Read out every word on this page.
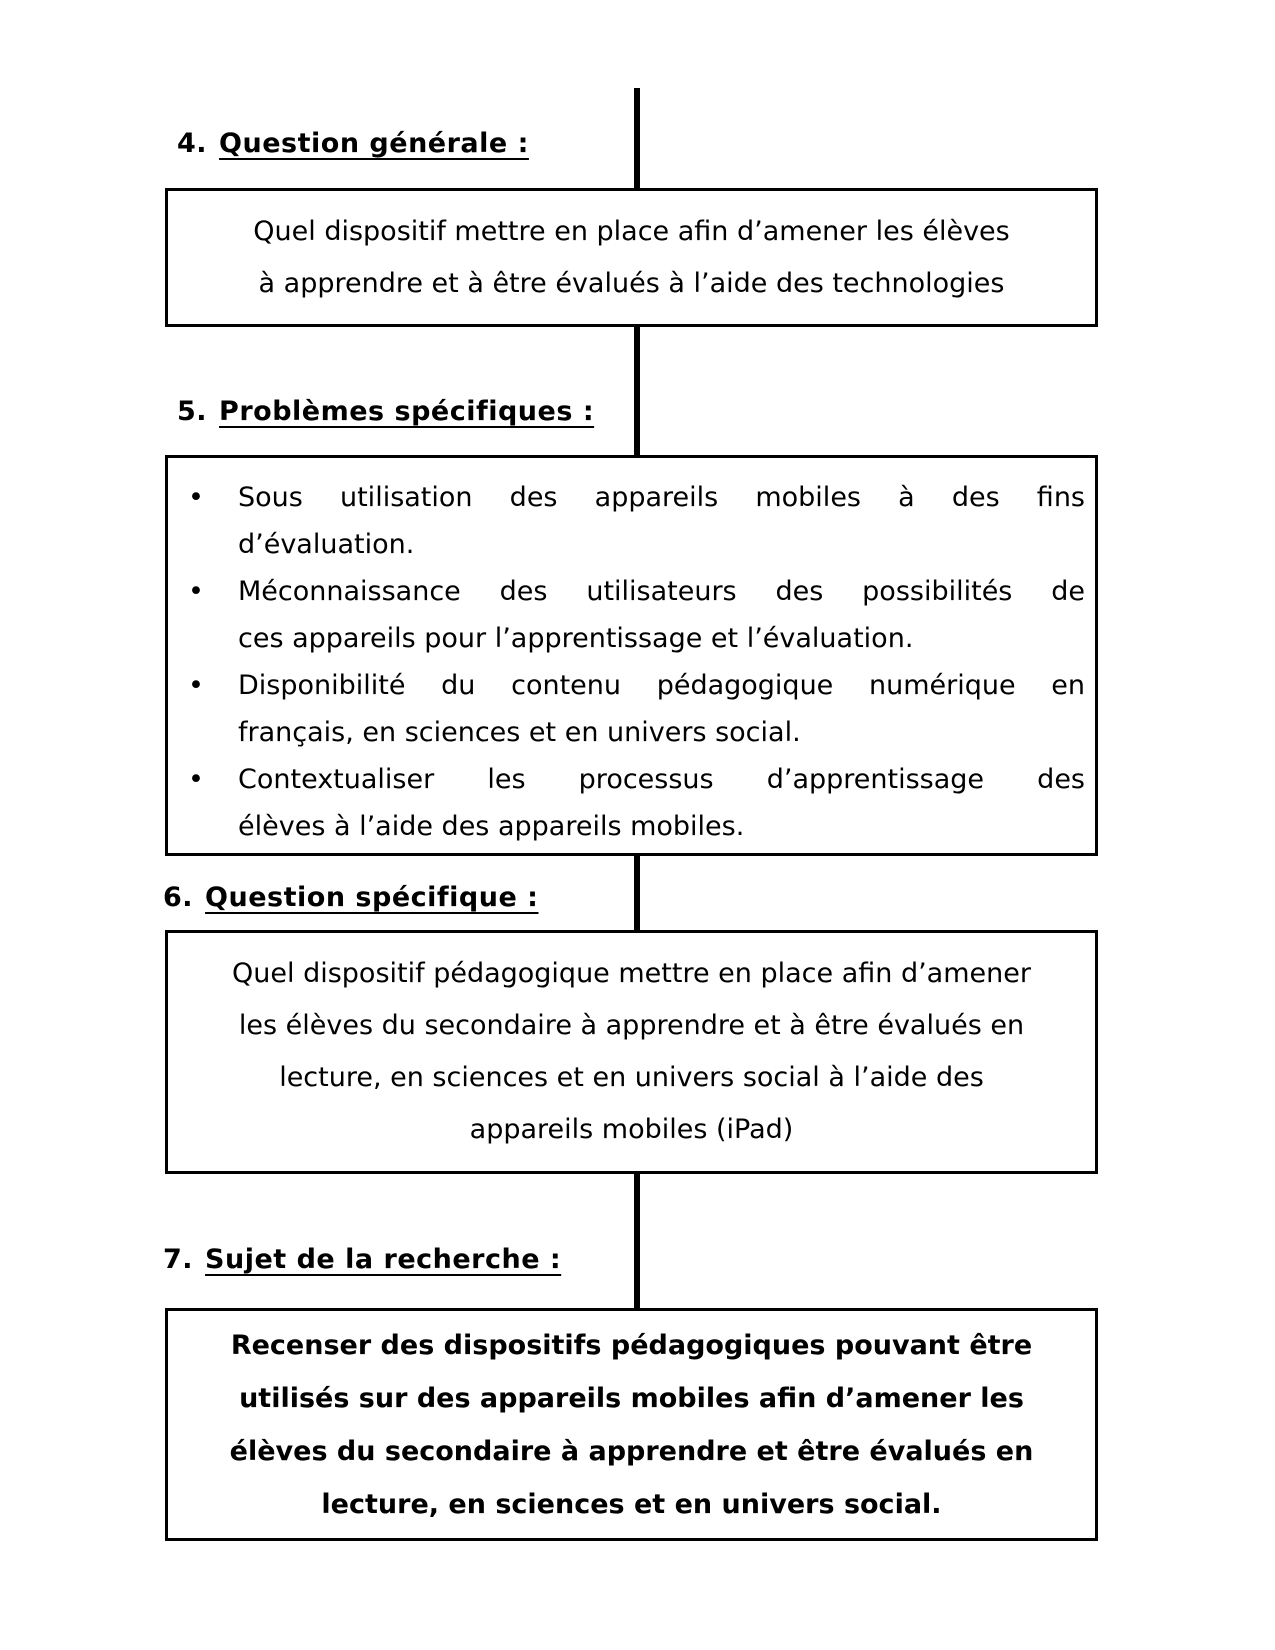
4. Question générale :
Quel dispositif mettre en place afin d’amener les élèves
à apprendre et à être évalués à l’aide des technologies
5. Problèmes spécifiques :
•	Sous utilisation des appareils mobiles à des fins
d’évaluation.
•	Méconnaissance des utilisateurs des possibilités de
ces appareils pour l’apprentissage et l’évaluation.
•	Disponibilité du contenu pédagogique numérique en
français, en sciences et en univers social.
•	Contextualiser les processus d’apprentissage des
élèves à l’aide des appareils mobiles.
6. Question spécifique :
Quel dispositif pédagogique mettre en place afin d’amener
les élèves du secondaire à apprendre et à être évalués en
lecture, en sciences et en univers social à l’aide des
appareils mobiles (iPad)
7. Sujet de la recherche :
Recenser des dispositifs pédagogiques pouvant être
utilisés sur des appareils mobiles afin d’amener les
élèves du secondaire à apprendre et être évalués en
lecture, en sciences et en univers social.
